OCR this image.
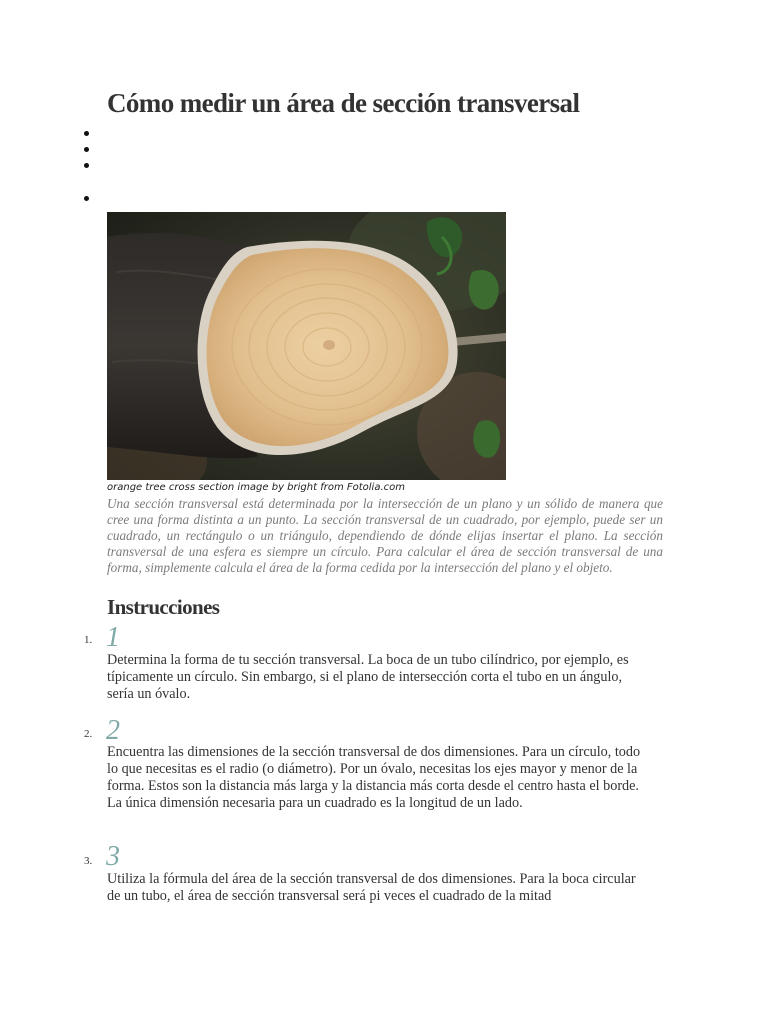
Cómo medir un área de sección transversal
orange tree cross section image by bright from Fotolia.com

Una sección transversal está determinada por la intersección de un plano y un sólido de manera que cree una forma distinta a un punto. La sección transversal de un cuadrado, por ejemplo, puede ser un cuadrado, un rectángulo o un triángulo, dependiendo de dónde elijas insertar el plano. La sección transversal de una esfera es siempre un círculo. Para calcular el área de sección transversal de una forma, simplemente calcula el área de la forma cedida por la intersección del plano y el objeto.

Instrucciones
1. 1

Determina la forma de tu sección transversal. La boca de un tubo cilíndrico, por ejemplo, es típicamente un círculo. Sin embargo, si el plano de intersección corta el tubo en un ángulo, sería un óvalo.

2. 2

Encuentra las dimensiones de la sección transversal de dos dimensiones. Para un círculo, todo lo que necesitas es el radio (o diámetro). Por un óvalo, necesitas los ejes mayor y menor de la forma. Estos son la distancia más larga y la distancia más corta desde el centro hasta el borde. La única dimensión necesaria para un cuadrado es la longitud de un lado.

3. 3

Utiliza la fórmula del área de la sección transversal de dos dimensiones. Para la boca circular de un tubo, el área de sección transversal será pi veces el cuadrado de la mitad
